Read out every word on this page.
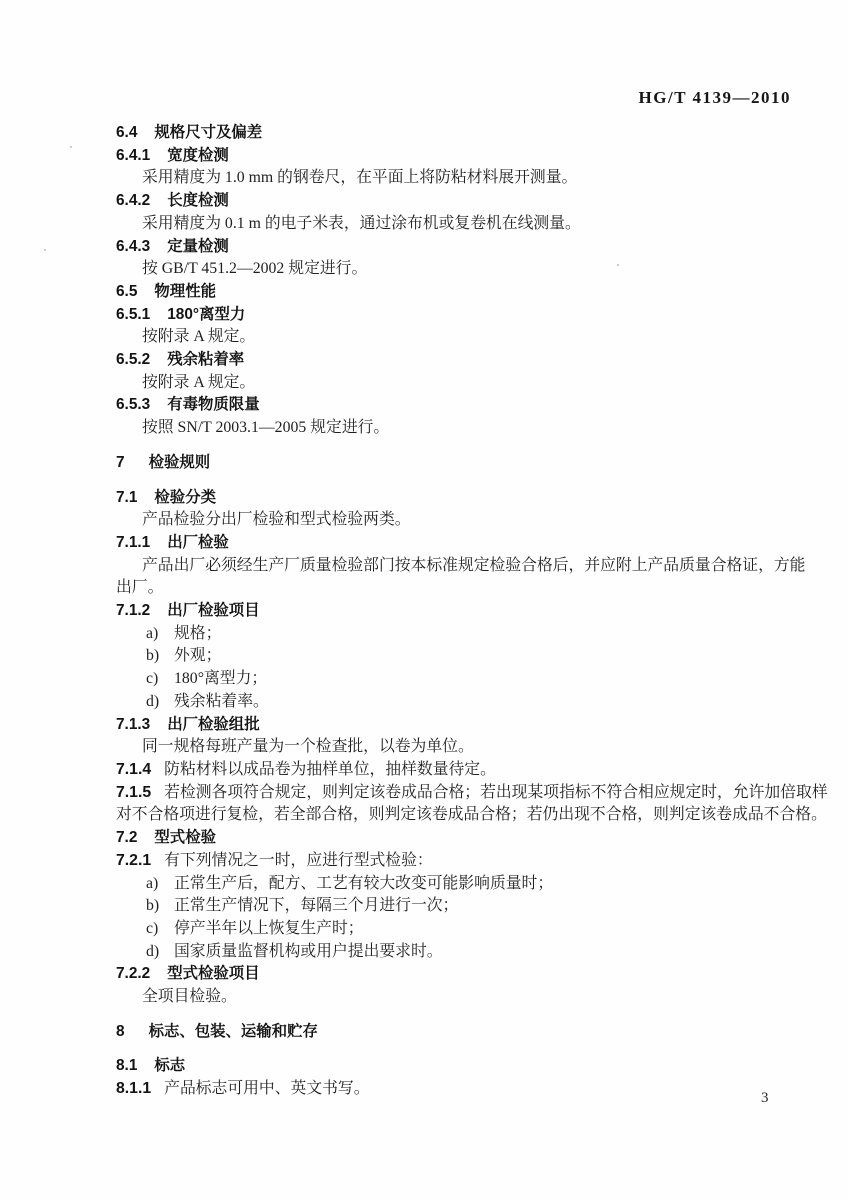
HG/T 4139—2010
6.4 规格尺寸及偏差
6.4.1 宽度检测
采用精度为 1.0 mm 的钢卷尺，在平面上将防粘材料展开测量。
6.4.2 长度检测
采用精度为 0.1 m 的电子米表，通过涂布机或复卷机在线测量。
6.4.3 定量检测
按 GB/T 451.2—2002 规定进行。
6.5 物理性能
6.5.1 180°离型力
按附录 A 规定。
6.5.2 残余粘着率
按附录 A 规定。
6.5.3 有毒物质限量
按照 SN/T 2003.1—2005 规定进行。
7 检验规则
7.1 检验分类
产品检验分出厂检验和型式检验两类。
7.1.1 出厂检验
产品出厂必须经生产厂质量检验部门按本标准规定检验合格后，并应附上产品质量合格证，方能
出厂。
7.1.2 出厂检验项目
a) 规格；
b) 外观；
c) 180°离型力；
d) 残余粘着率。
7.1.3 出厂检验组批
同一规格每班产量为一个检查批，以卷为单位。
7.1.4 防粘材料以成品卷为抽样单位，抽样数量待定。
7.1.5 若检测各项符合规定，则判定该卷成品合格；若出现某项指标不符合相应规定时，允许加倍取样
对不合格项进行复检，若全部合格，则判定该卷成品合格；若仍出现不合格，则判定该卷成品不合格。
7.2 型式检验
7.2.1 有下列情况之一时，应进行型式检验：
a) 正常生产后，配方、工艺有较大改变可能影响质量时；
b) 正常生产情况下，每隔三个月进行一次；
c) 停产半年以上恢复生产时；
d) 国家质量监督机构或用户提出要求时。
7.2.2 型式检验项目
全项目检验。
8 标志、包装、运输和贮存
8.1 标志
8.1.1 产品标志可用中、英文书写。
3
